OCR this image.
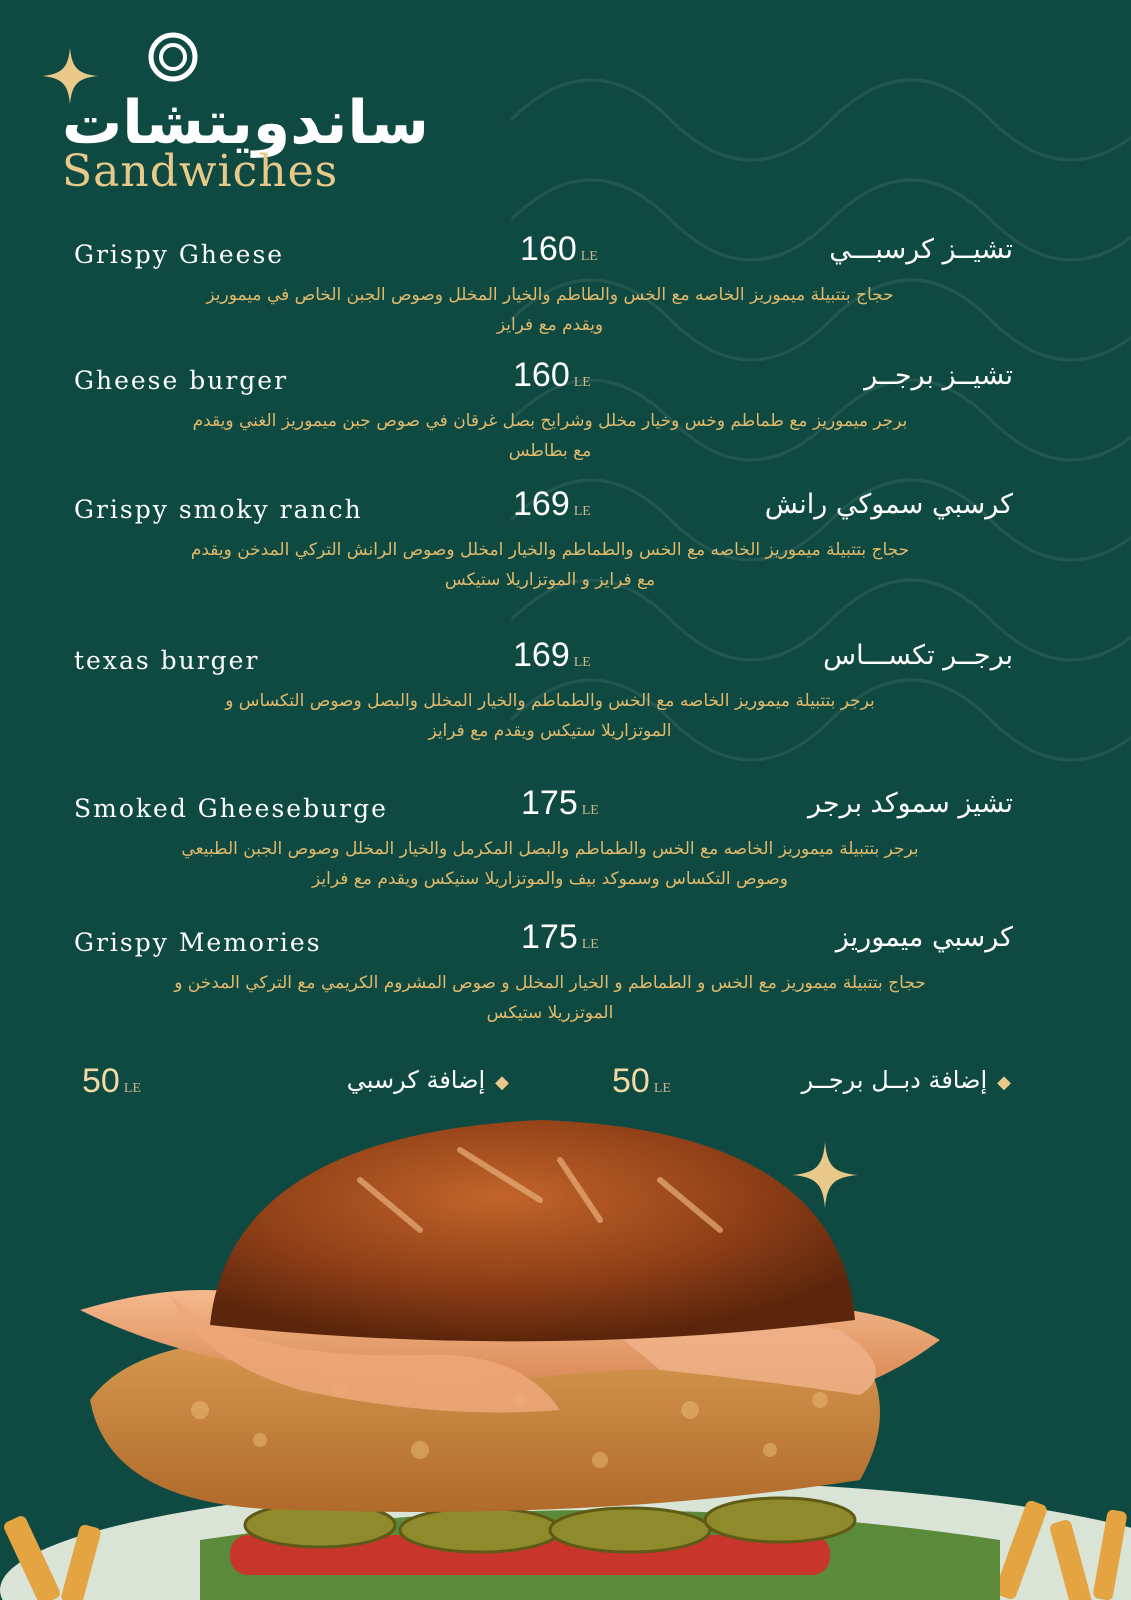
ساندويتشات
Sandwiches
Grispy Gheese	160 LE	تشيــز كرسبـــي
حجاج بتتبيلة ميموريز الخاصه مع الخس والطاطم والخيار المخلل وصوص الجبن الخاص في ميموريز ويقدم مع فرايز
Gheese burger	160 LE	تشيــز برجــر
برجر ميموريز مع طماطم وخس وخيار مخلل وشرايح بصل غرقان في صوص جبن ميموريز الغني ويقدم مع بطاطس
Grispy smoky ranch	169 LE	كرسبي سموكي رانش
حجاج بتتبيلة ميموريز الخاصه مع الخس والطماطم والخيار امخلل وصوص الرانش التركي المدخن ويقدم مع فرايز و الموتزاريلا ستيكس
texas burger	169 LE	برجــر تكســـاس
برجر بتتبيلة ميموريز الخاصه مع الخس والطماطم والخيار المخلل والبصل وصوص التكساس و الموتزاريلا ستيكس ويقدم مع فرايز
Smoked Gheeseburge	175 LE	تشيز سموكد برجر
برجر بتتبيلة ميموريز الخاصه مع الخس والطماطم والبصل المكرمل والخيار المخلل وصوص الجبن الطبيعي وصوص التكساس وسموكد بيف والموتزاريلا ستيكس ويقدم مع فرايز
Grispy Memories	175 LE	كرسبي ميموريز
حجاج بتتبيلة ميموريز مع الخس و الطماطم و الخيار المخلل و صوص المشروم الكريمي مع التركي المدخن و الموتزريلا ستيكس
◆إضافة دبــل برجــر
50 LE
◆إضافة كرسبي
50 LE
